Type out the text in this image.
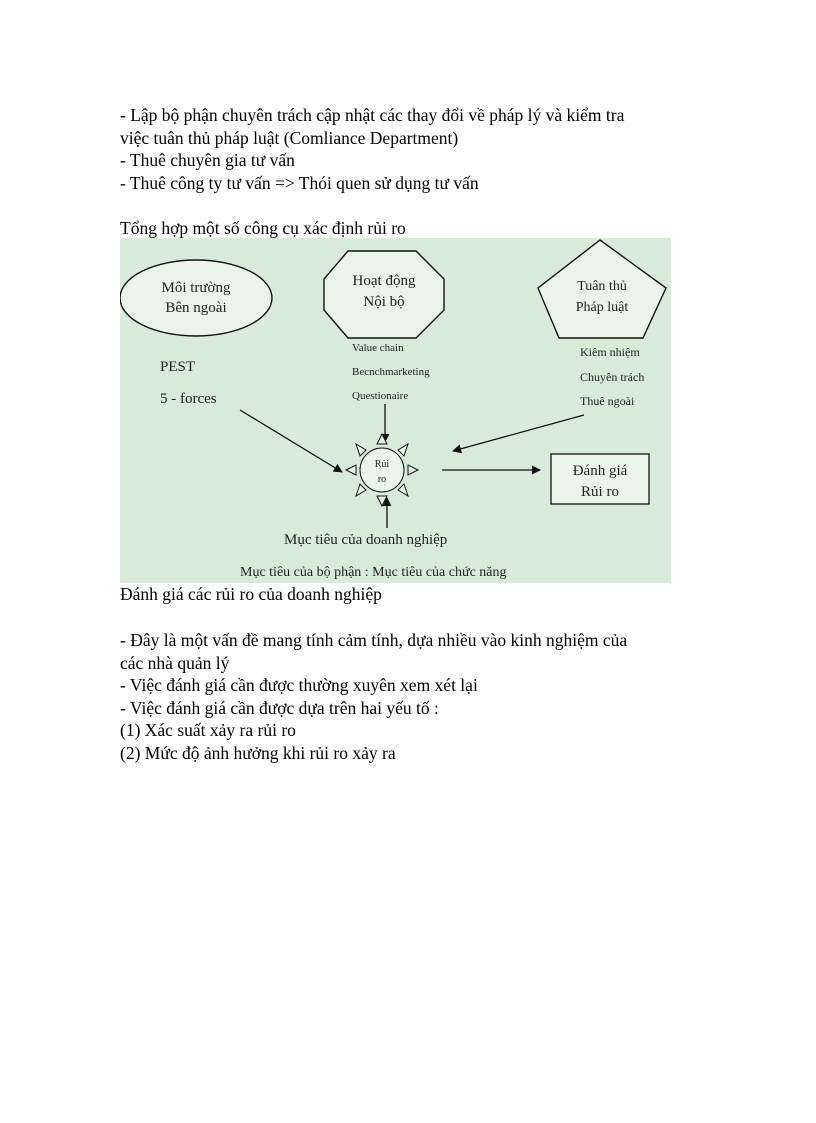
- Lập bộ phận chuyên trách cập nhật các thay đổi về pháp lý và kiểm tra
việc tuân thủ pháp luật (Comliance Department)
- Thuê chuyên gia tư vấn
- Thuê công ty tư vấn => Thói quen sử dụng tư vấn
Tổng hợp một số công cụ xác định rủi ro
Môi trường
Bên ngoài
PEST
5 - forces
Hoạt động
Nội bộ
Value chain
Becnchmarketing
Questionaire
Tuân thủ
Pháp luật
Kiêm nhiệm
Chuyên trách
Thuê ngoài
Rủi
ro
Đánh giá
Rủi ro
Mục tiêu của doanh nghiệp
Mục tiêu của bộ phận : Mục tiêu của chức năng
Đánh giá các rủi ro của doanh nghiệp
- Đây là một vấn đề mang tính cảm tính, dựa nhiều vào kinh nghiệm của
các nhà quản lý
- Việc đánh giá cần được thường xuyên xem xét lại
- Việc đánh giá cần được dựa trên hai yếu tố :
(1) Xác suất xảy ra rủi ro
(2) Mức độ ảnh hưởng khi rủi ro xảy ra
